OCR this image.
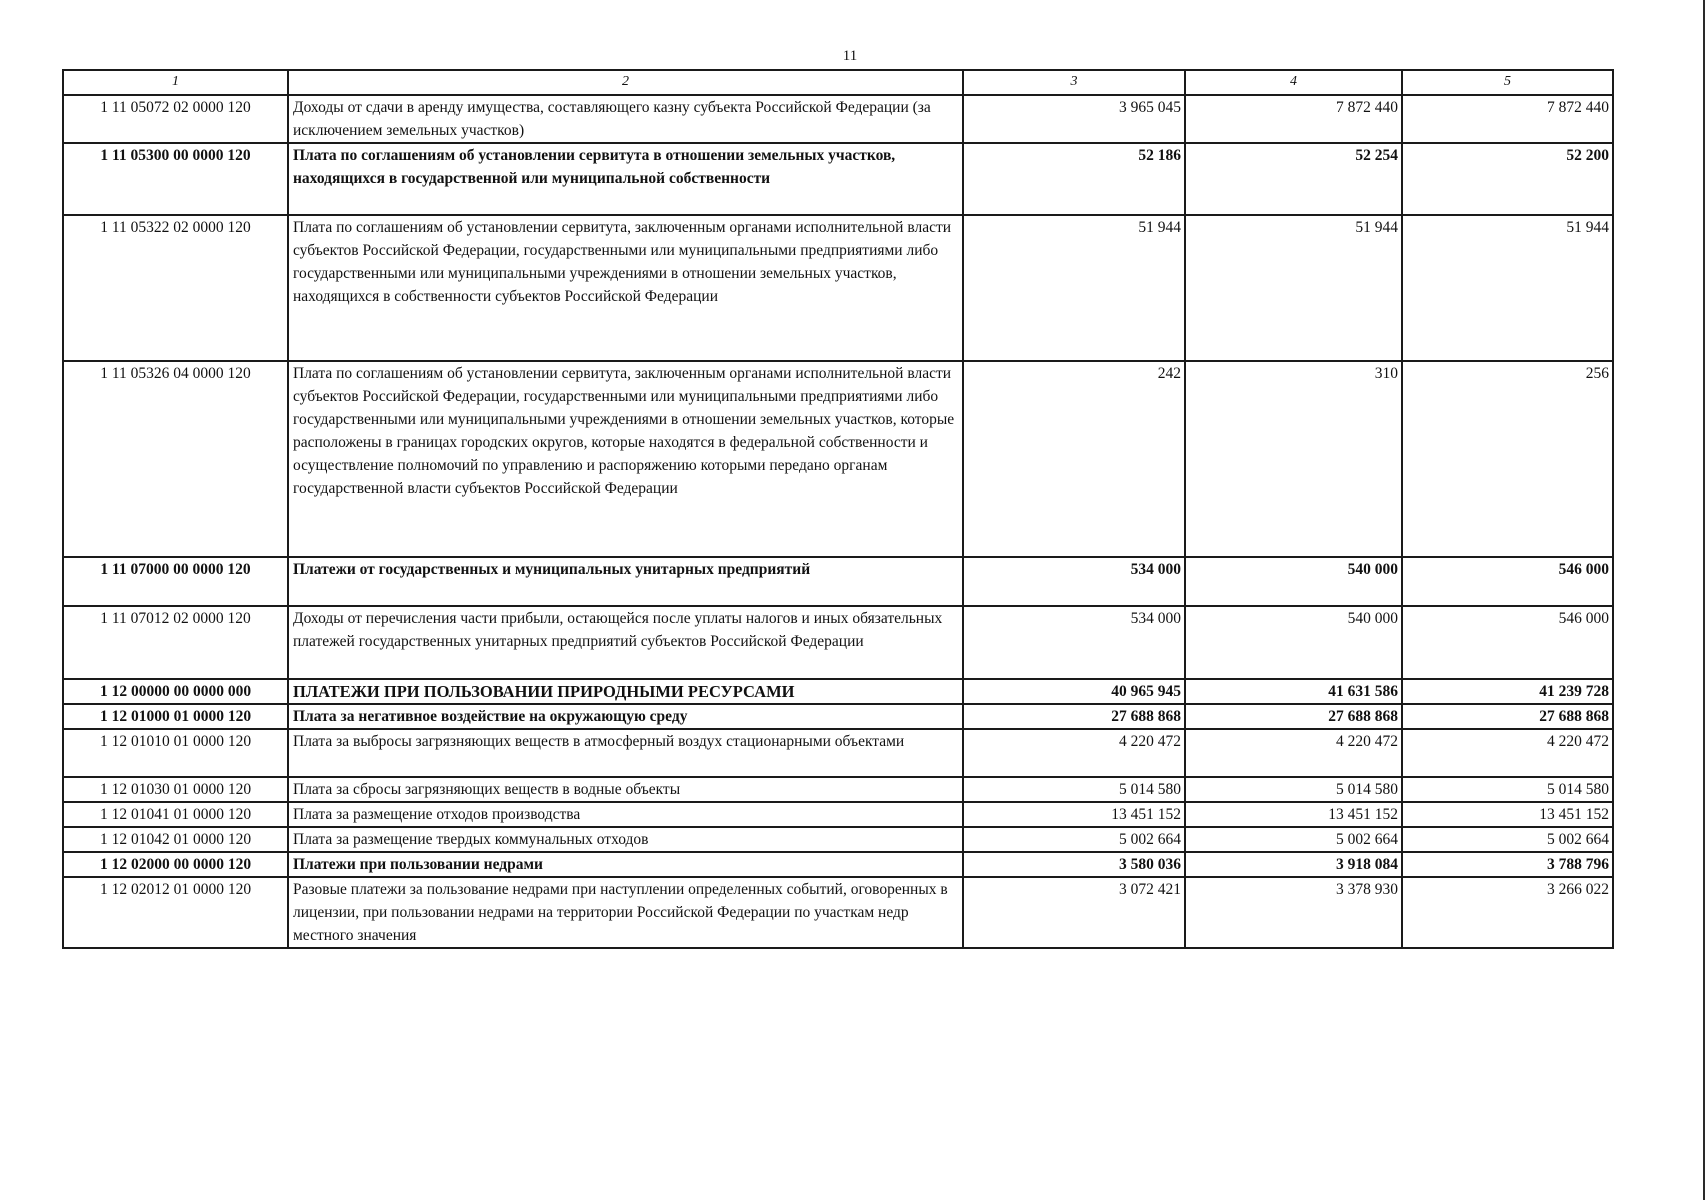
11
1	2	3	4	5
1 11 05072 02 0000 120	Доходы от сдачи в аренду имущества, составляющего казну субъекта Российской Федерации (за исключением земельных участков)	3 965 045	7 872 440	7 872 440
1 11 05300 00 0000 120	Плата по соглашениям об установлении сервитута в отношении земельных участков, находящихся в государственной или муниципальной собственности	52 186	52 254	52 200
1 11 05322 02 0000 120	Плата по соглашениям об установлении сервитута, заключенным органами исполнительной власти субъектов Российской Федерации, государственными или муниципальными предприятиями либо государственными или муниципальными учреждениями в отношении земельных участков, находящихся в собственности субъектов Российской Федерации	51 944	51 944	51 944
1 11 05326 04 0000 120	Плата по соглашениям об установлении сервитута, заключенным органами исполнительной власти субъектов Российской Федерации, государственными или муниципальными предприятиями либо государственными или муниципальными учреждениями в отношении земельных участков, которые расположены в границах городских округов, которые находятся в федеральной собственности и осуществление полномочий по управлению и распоряжению которыми передано органам государственной власти субъектов Российской Федерации	242	310	256
1 11 07000 00 0000 120	Платежи от государственных и муниципальных унитарных предприятий	534 000	540 000	546 000
1 11 07012 02 0000 120	Доходы от перечисления части прибыли, остающейся после уплаты налогов и иных обязательных платежей государственных унитарных предприятий субъектов Российской Федерации	534 000	540 000	546 000
1 12 00000 00 0000 000	ПЛАТЕЖИ ПРИ ПОЛЬЗОВАНИИ ПРИРОДНЫМИ РЕСУРСАМИ	40 965 945	41 631 586	41 239 728
1 12 01000 01 0000 120	Плата за негативное воздействие на окружающую среду	27 688 868	27 688 868	27 688 868
1 12 01010 01 0000 120	Плата за выбросы загрязняющих веществ в атмосферный воздух стационарными объектами	4 220 472	4 220 472	4 220 472
1 12 01030 01 0000 120	Плата за сбросы загрязняющих веществ в водные объекты	5 014 580	5 014 580	5 014 580
1 12 01041 01 0000 120	Плата за размещение отходов производства	13 451 152	13 451 152	13 451 152
1 12 01042 01 0000 120	Плата за размещение твердых коммунальных отходов	5 002 664	5 002 664	5 002 664
1 12 02000 00 0000 120	Платежи при пользовании недрами	3 580 036	3 918 084	3 788 796
1 12 02012 01 0000 120	Разовые платежи за пользование недрами при наступлении определенных событий, оговоренных в лицензии, при пользовании недрами на территории Российской Федерации по участкам недр местного значения	3 072 421	3 378 930	3 266 022
